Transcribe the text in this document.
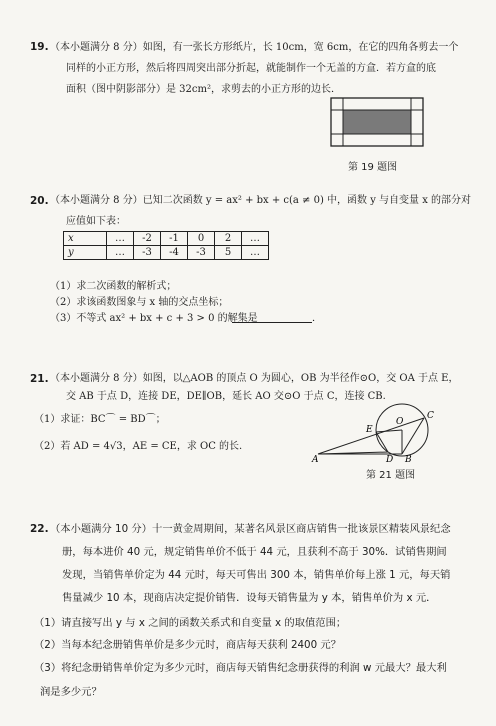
19. （本小题满分 8 分）如图，有一张长方形纸片，长 10cm，宽 6cm，在它的四角各剪去一个
同样的小正方形，然后将四周突出部分折起，就能制作一个无盖的方盒．若方盒的底
面积（图中阴影部分）是 32cm²，求剪去的小正方形的边长．
第 19 题图
20. （本小题满分 8 分）已知二次函数 y = ax² + bx + c(a ≠ 0) 中，函数 y 与自变量 x 的部分对
应值如下表：
x	…	-2	-1	0	2	…
y	…	-3	-4	-3	5	…
（1）求二次函数的解析式；
（2）求该函数图象与 x 轴的交点坐标；
（3）不等式 ax² + bx + c + 3 > 0 的解集是	．
21. （本小题满分 8 分）如图，以△AOB 的顶点 O 为圆心，OB 为半径作⊙O，交 OA 于点 E，
交 AB 于点 D，连接 DE，DE∥OB，延长 AO 交⊙O 于点 C，连接 CB.
（1）求证：BC⌒ = BD⌒；
（2）若 AD = 4√3，AE = CE，求 OC 的长.
A	B
D
E
O
C
第 21 题图
22. （本小题满分 10 分）十一黄金周期间，某著名风景区商店销售一批该景区精装风景纪念
册，每本进价 40 元，规定销售单价不低于 44 元，且获利不高于 30%．试销售期间
发现，当销售单价定为 44 元时，每天可售出 300 本，销售单价每上涨 1 元，每天销
售量减少 10 本，现商店决定提价销售．设每天销售量为 y 本，销售单价为 x 元．
（1）请直接写出 y 与 x 之间的函数关系式和自变量 x 的取值范围；
（2）当每本纪念册销售单价是多少元时，商店每天获利 2400 元？
（3）将纪念册销售单价定为多少元时，商店每天销售纪念册获得的利润 w 元最大？最大利
润是多少元？
